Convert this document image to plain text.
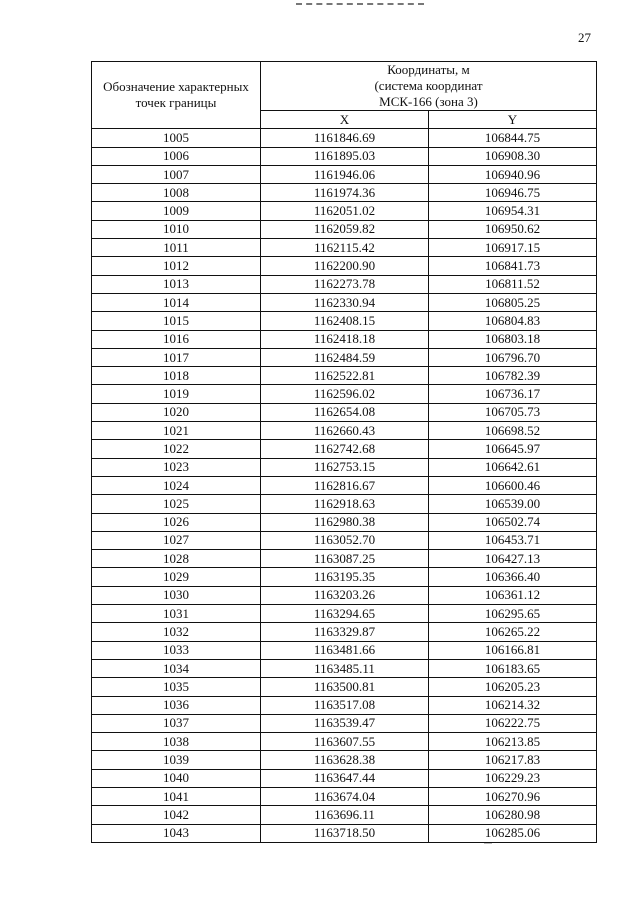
27
Обозначение характерных точек границы	Координаты, м
(система координат
МСК-166 (зона 3)	

	X	Y
1005	1161846.69	106844.75
1006	1161895.03	106908.30
1007	1161946.06	106940.96
1008	1161974.36	106946.75
1009	1162051.02	106954.31
1010	1162059.82	106950.62
1011	1162115.42	106917.15
1012	1162200.90	106841.73
1013	1162273.78	106811.52
1014	1162330.94	106805.25
1015	1162408.15	106804.83
1016	1162418.18	106803.18
1017	1162484.59	106796.70
1018	1162522.81	106782.39
1019	1162596.02	106736.17
1020	1162654.08	106705.73
1021	1162660.43	106698.52
1022	1162742.68	106645.97
1023	1162753.15	106642.61
1024	1162816.67	106600.46
1025	1162918.63	106539.00
1026	1162980.38	106502.74
1027	1163052.70	106453.71
1028	1163087.25	106427.13
1029	1163195.35	106366.40
1030	1163203.26	106361.12
1031	1163294.65	106295.65
1032	1163329.87	106265.22
1033	1163481.66	106166.81
1034	1163485.11	106183.65
1035	1163500.81	106205.23
1036	1163517.08	106214.32
1037	1163539.47	106222.75
1038	1163607.55	106213.85
1039	1163628.38	106217.83
1040	1163647.44	106229.23
1041	1163674.04	106270.96
1042	1163696.11	106280.98
1043	1163718.50	106285.06
